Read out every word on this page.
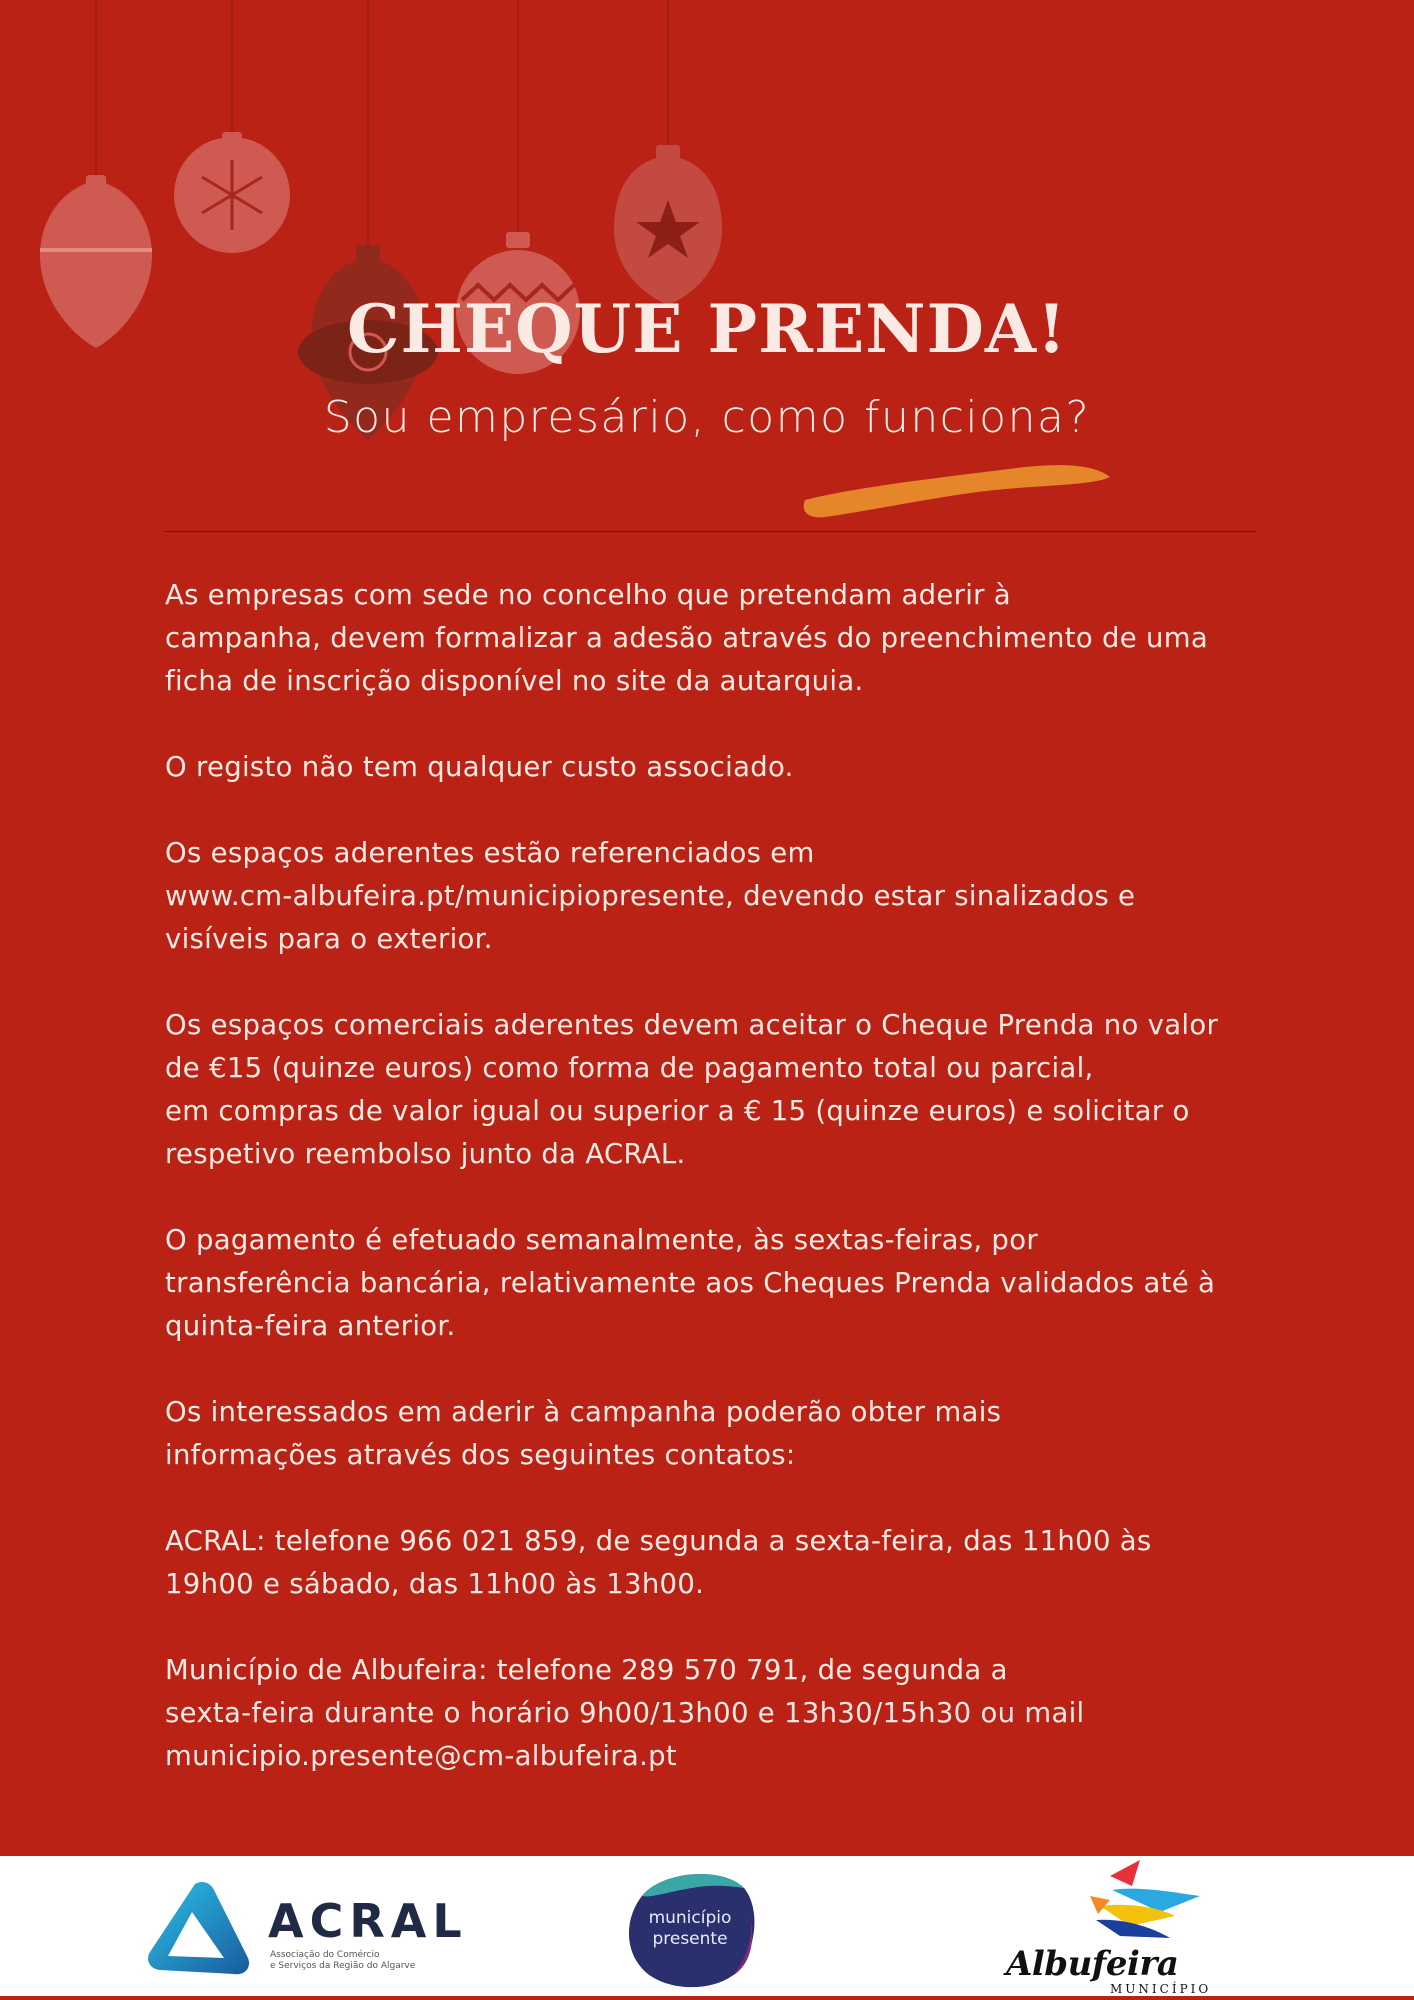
CHEQUE PRENDA!
Sou empresário, como funciona?

As empresas com sede no concelho que pretendam aderir à
campanha, devem formalizar a adesão através do preenchimento de uma
ficha de inscrição disponível no site da autarquia.

O registo não tem qualquer custo associado.

Os espaços aderentes estão referenciados em
www.cm-albufeira.pt/municipiopresente, devendo estar sinalizados e
visíveis para o exterior.

Os espaços comerciais aderentes devem aceitar o Cheque Prenda no valor
de €15 (quinze euros) como forma de pagamento total ou parcial,
em compras de valor igual ou superior a € 15 (quinze euros) e solicitar o
respetivo reembolso junto da ACRAL.

O pagamento é efetuado semanalmente, às sextas-feiras, por
transferência bancária, relativamente aos Cheques Prenda validados até à
quinta-feira anterior.

Os interessados em aderir à campanha poderão obter mais
informações através dos seguintes contatos:

ACRAL: telefone 966 021 859, de segunda a sexta-feira, das 11h00 às
19h00 e sábado, das 11h00 às 13h00.

Município de Albufeira: telefone 289 570 791, de segunda a
sexta-feira durante o horário 9h00/13h00 e 13h30/15h30 ou mail
municipio.presente@cm-albufeira.pt

ACRAL
Associação do Comércio
e Serviços da Região do Algarve
município
presente
Albufeira
MUNICÍPIO
